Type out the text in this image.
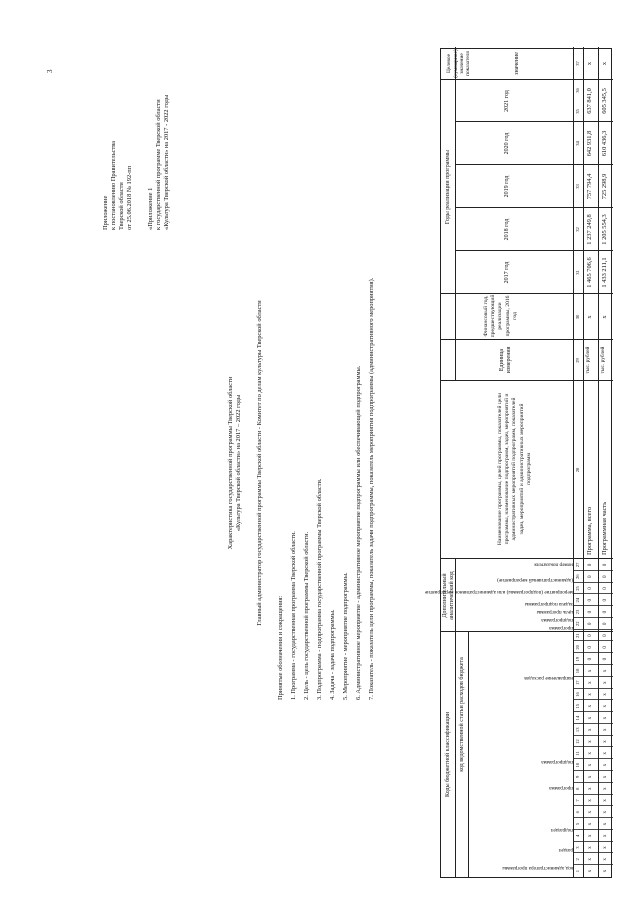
3
Приложение к постановлению Правительства Тверской области от 25.06.2018 № 192-пп «Приложение 1 к государственной программе Тверской области «Культура Тверской области» на 2017 - 2022 годы
Характеристика государственной программы Тверской области «Культура Тверской области» на 2017 – 2022 годы Главный администратор государственной программы Тверской области - Комитет по делам культуры Тверской области
Принятые обозначения и сокращения: 1. Программа - государственная программа Тверской области. 2. Цель - цель государственной программы Тверской области. 3. Подпрограмма - подпрограмма государственной программы Тверской области. 4. Задача - задача подпрограммы. 5. Мероприятие - мероприятие подпрограммы. 6. Административное мероприятие - административное мероприятие подпрограммы или обеспечивающей подпрограммы. 7. Показатель - показатель цели программы, показатель задачи подпрограммы, показатель мероприятия подпрограммы (административного мероприятия).
Коды бюджетной классификации
Дополнительный аналитический код
код ведомственной статьи расходов бюджета
код администратора программы
раздел
подраздел
программа
подпрограмма
направление расходов
программа
подпрограмма
цель программы
задача подпрограммы
мероприятие (подпрограммы) или административное мероприятие
(административный мероприятие)
номер показателя
Наименование программы, целей программы, показателей цели программы, наименование подпрограмм, задач, мероприятий и административных мероприятий подпрограмм, показателей задач, мероприятий и административных мероприятий подпрограмм
Единица измерения
Финансовый год, предшествующий реализации программы, 2016 год
Годы реализации программы
2017 год
2018 год
2019 год
2020 год
2021 год
Целевое (суммарное) значение показателя	значение
1
2
3
4
5
6
7
8
9
10
11
12
13
14
15
16
17
18
19
20
21
22
23
24
25
26
27
28
29
30
31
32
33
34
35
36
37
x
x
x
x
x
x
x
x
x
x
x
x
x
x
x
x
x
x
0
0
0
0
0
0
0
0
0
Программа, всего
тыс. рублей
x
1 465 706,6
1 237 249,8
757 794,4
642 931,8
637 841,0
x
x
x
x
x
x
x
x
x
x
x
x
x
x
x
x
x
x
x
0
0
0
0
0
0
0
0
0
Программная часть
тыс. рублей
x
1 433 211,1
1 205 554,3
725 298,9
610 436,3
605 345,5
x
